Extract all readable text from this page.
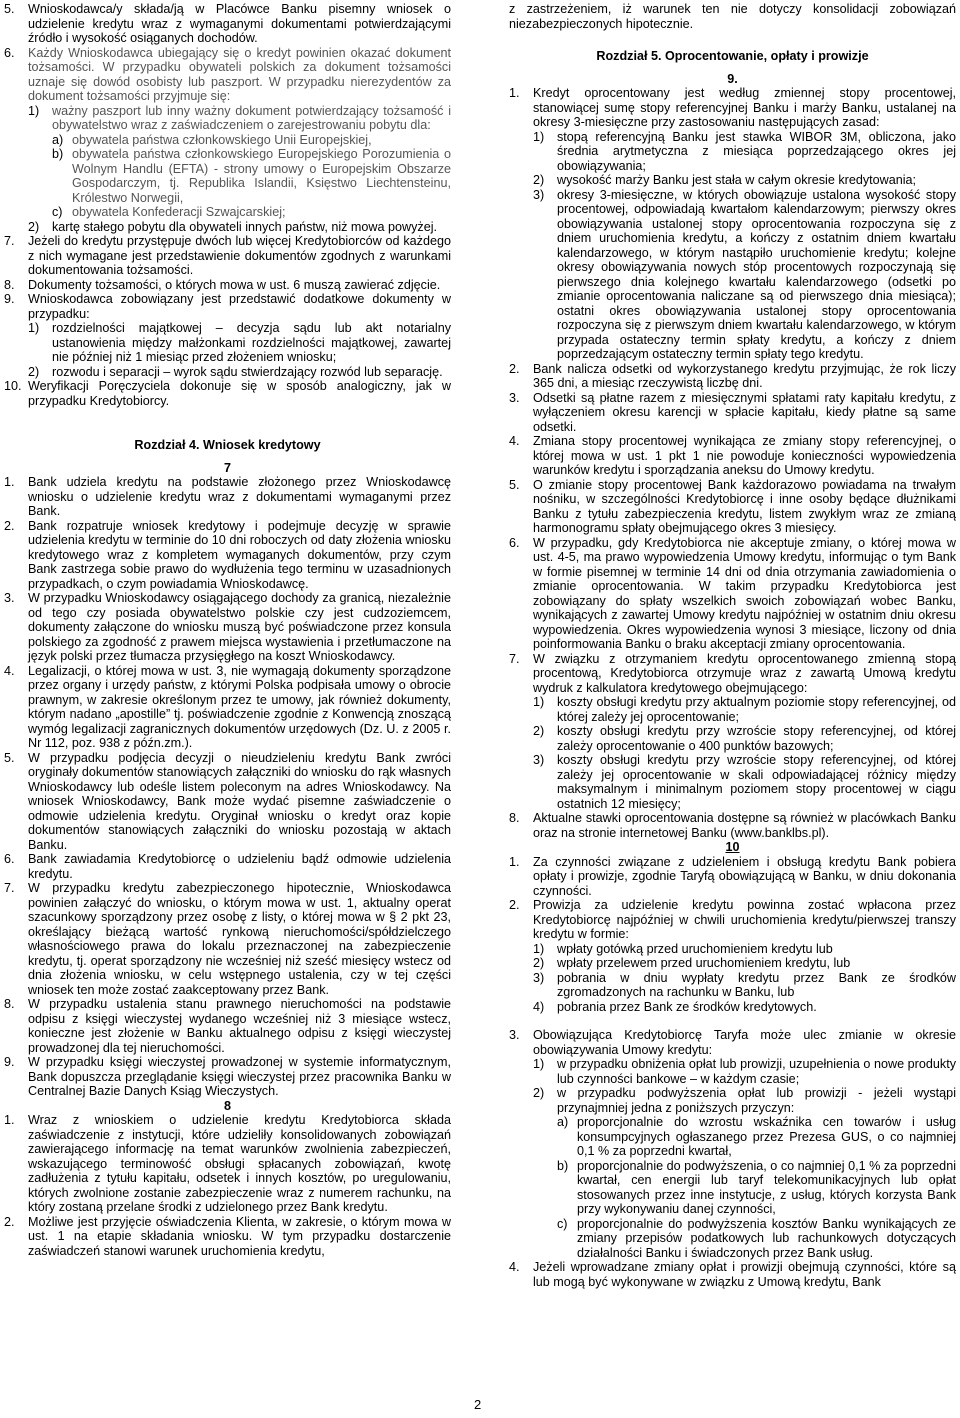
5. Wnioskodawca/y składa/ją w Placówce Banku pisemny wniosek o udzielenie kredytu wraz z wymaganymi dokumentami potwierdzającymi źródło i wysokość osiąganych dochodów.
6. Każdy Wnioskodawca ubiegający się o kredyt powinien okazać dokument tożsamości. W przypadku obywateli polskich za dokument tożsamości uznaje się dowód osobisty lub paszport. W przypadku nierezydentów za dokument tożsamości przyjmuje się:
1) ważny paszport lub inny ważny dokument potwierdzający tożsamość i obywatelstwo wraz z zaświadczeniem o zarejestrowaniu pobytu dla:
a) obywatela państwa członkowskiego Unii Europejskiej,
b) obywatela państwa członkowskiego Europejskiego Porozumienia o Wolnym Handlu (EFTA) - strony umowy o Europejskim Obszarze Gospodarczym, tj. Republika Islandii, Księstwo Liechtensteinu, Królestwo Norwegii,
c) obywatela Konfederacji Szwajcarskiej;
2) kartę stałego pobytu dla obywateli innych państw, niż mowa powyżej.
7. Jeżeli do kredytu przystępuje dwóch lub więcej Kredytobiorców od każdego z nich wymagane jest przedstawienie dokumentów zgodnych z warunkami dokumentowania tożsamości.
8. Dokumenty tożsamości, o których mowa w ust. 6 muszą zawierać zdjęcie.
9. Wnioskodawca zobowiązany jest przedstawić dodatkowe dokumenty w przypadku:
1) rozdzielności majątkowej – decyzja sądu lub akt notarialny ustanowienia między małżonkami rozdzielności majątkowej, zawartej nie później niż 1 miesiąc przed złożeniem wniosku;
2) rozwodu i separacji – wyrok sądu stwierdzający rozwód lub separację.
10. Weryfikacji Poręczyciela dokonuje się w sposób analogiczny, jak w przypadku Kredytobiorcy.
Rozdział 4. Wniosek kredytowy
7
1. Bank udziela kredytu na podstawie złożonego przez Wnioskodawcę wniosku o udzielenie kredytu wraz z dokumentami wymaganymi przez Bank.
2. Bank rozpatruje wniosek kredytowy i podejmuje decyzję w sprawie udzielenia kredytu w terminie do 10 dni roboczych od daty złożenia wniosku kredytowego wraz z kompletem wymaganych dokumentów, przy czym Bank zastrzega sobie prawo do wydłużenia tego terminu w uzasadnionych przypadkach, o czym powiadamia Wnioskodawcę.
3. W przypadku Wnioskodawcy osiągającego dochody za granicą, niezależnie od tego czy posiada obywatelstwo polskie czy jest cudzoziemcem, dokumenty załączone do wniosku muszą być poświadczone przez konsula polskiego za zgodność z prawem miejsca wystawienia i przetłumaczone na język polski przez tłumacza przysięgłego na koszt Wnioskodawcy.
4. Legalizacji, o której mowa w ust. 3, nie wymagają dokumenty sporządzone przez organy i urzędy państw, z którymi Polska podpisała umowy o obrocie prawnym, w zakresie określonym przez te umowy, jak również dokumenty, którym nadano „apostille” tj. poświadczenie zgodnie z Konwencją znoszącą wymóg legalizacji zagranicznych dokumentów urzędowych (Dz. U. z 2005 r. Nr 112, poz. 938 z późn.zm.).
5. W przypadku podjęcia decyzji o nieudzieleniu kredytu Bank zwróci oryginały dokumentów stanowiących załączniki do wniosku do rąk własnych Wnioskodawcy lub odeśle listem poleconym na adres Wnioskodawcy. Na wniosek Wnioskodawcy, Bank może wydać pisemne zaświadczenie o odmowie udzielenia kredytu. Oryginał wniosku o kredyt oraz kopie dokumentów stanowiących załączniki do wniosku pozostają w aktach Banku.
6. Bank zawiadamia Kredytobiorcę o udzieleniu bądź odmowie udzielenia kredytu.
7. W przypadku kredytu zabezpieczonego hipotecznie, Wnioskodawca powinien załączyć do wniosku, o którym mowa w ust. 1, aktualny operat szacunkowy sporządzony przez osobę z listy, o której mowa w § 2 pkt 23, określający bieżącą wartość rynkową nieruchomości/spółdzielczego własnościowego prawa do lokalu przeznaczonej na zabezpieczenie kredytu, tj. operat sporządzony nie wcześniej niż sześć miesięcy wstecz od dnia złożenia wniosku, w celu wstępnego ustalenia, czy w tej części wniosek ten może zostać zaakceptowany przez Bank.
8. W przypadku ustalenia stanu prawnego nieruchomości na podstawie odpisu z księgi wieczystej wydanego wcześniej niż 3 miesiące wstecz, konieczne jest złożenie w Banku aktualnego odpisu z księgi wieczystej prowadzonej dla tej nieruchomości.
9. W przypadku księgi wieczystej prowadzonej w systemie informatycznym, Bank dopuszcza przeglądanie księgi wieczystej przez pracownika Banku w Centralnej Bazie Danych Ksiąg Wieczystych.
8
1. Wraz z wnioskiem o udzielenie kredytu Kredytobiorca składa zaświadczenie z instytucji, które udzieliły konsolidowanych zobowiązań zawierającego informację na temat warunków zwolnienia zabezpieczeń, wskazującego terminowość obsługi spłacanych zobowiązań, kwotę zadłużenia z tytułu kapitału, odsetek i innych kosztów, po uregulowaniu, których zwolnione zostanie zabezpieczenie wraz z numerem rachunku, na który zostaną przelane środki z udzielonego przez Bank kredytu.
2. Możliwe jest przyjęcie oświadczenia Klienta, w zakresie, o którym mowa w ust. 1 na etapie składania wniosku. W tym przypadku dostarczenie zaświadczeń stanowi warunek uruchomienia kredytu,
z zastrzeżeniem, iż warunek ten nie dotyczy konsolidacji zobowiązań niezabezpieczonych hipotecznie.
Rozdział 5. Oprocentowanie, opłaty i prowizje
9.
1. Kredyt oprocentowany jest według zmiennej stopy procentowej, stanowiącej sumę stopy referencyjnej Banku i marży Banku, ustalanej na okresy 3-miesięczne przy zastosowaniu następujących zasad:
1) stopą referencyjną Banku jest stawka WIBOR 3M, obliczona, jako średnia arytmetyczna z miesiąca poprzedzającego okres jej obowiązywania;
2) wysokość marży Banku jest stała w całym okresie kredytowania;
3) okresy 3-miesięczne, w których obowiązuje ustalona wysokość stopy procentowej, odpowiadają kwartałom kalendarzowym; pierwszy okres obowiązywania ustalonej stopy oprocentowania rozpoczyna się z dniem uruchomienia kredytu, a kończy z ostatnim dniem kwartału kalendarzowego, w którym nastąpiło uruchomienie kredytu; kolejne okresy obowiązywania nowych stóp procentowych rozpoczynają się pierwszego dnia kolejnego kwartału kalendarzowego (odsetki po zmianie oprocentowania naliczane są od pierwszego dnia miesiąca); ostatni okres obowiązywania ustalonej stopy oprocentowania rozpoczyna się z pierwszym dniem kwartału kalendarzowego, w którym przypada ostateczny termin spłaty kredytu, a kończy z dniem poprzedzającym ostateczny termin spłaty tego kredytu.
2. Bank nalicza odsetki od wykorzystanego kredytu przyjmując, że rok liczy 365 dni, a miesiąc rzeczywistą liczbę dni.
3. Odsetki są płatne razem z miesięcznymi spłatami raty kapitału kredytu, z wyłączeniem okresu karencji w spłacie kapitału, kiedy płatne są same odsetki.
4. Zmiana stopy procentowej wynikająca ze zmiany stopy referencyjnej, o której mowa w ust. 1 pkt 1 nie powoduje konieczności wypowiedzenia warunków kredytu i sporządzania aneksu do Umowy kredytu.
5. O zmianie stopy procentowej Bank każdorazowo powiadama na trwałym nośniku, w szczególności Kredytobiorcę i inne osoby będące dłużnikami Banku z tytułu zabezpieczenia kredytu, listem zwykłym wraz ze zmianą harmonogramu spłaty obejmującego okres 3 miesięcy.
6. W przypadku, gdy Kredytobiorca nie akceptuje zmiany, o której mowa w ust. 4-5, ma prawo wypowiedzenia Umowy kredytu, informując o tym Bank w formie pisemnej w terminie 14 dni od dnia otrzymania zawiadomienia o zmianie oprocentowania. W takim przypadku Kredytobiorca jest zobowiązany do spłaty wszelkich swoich zobowiązań wobec Banku, wynikających z zawartej Umowy kredytu najpóźniej w ostatnim dniu okresu wypowiedzenia. Okres wypowiedzenia wynosi 3 miesiące, liczony od dnia poinformowania Banku o braku akceptacji zmiany oprocentowania.
7. W związku z otrzymaniem kredytu oprocentowanego zmienną stopą procentową, Kredytobiorca otrzymuje wraz z zawartą Umową kredytu wydruk z kalkulatora kredytowego obejmującego:
1) koszty obsługi kredytu przy aktualnym poziomie stopy referencyjnej, od której zależy jej oprocentowanie;
2) koszty obsługi kredytu przy wzroście stopy referencyjnej, od której zależy oprocentowanie o 400 punktów bazowych;
3) koszty obsługi kredytu przy wzroście stopy referencyjnej, od której zależy jej oprocentowanie w skali odpowiadającej różnicy między maksymalnym i minimalnym poziomem stopy procentowej w ciągu ostatnich 12 miesięcy;
8. Aktualne stawki oprocentowania dostępne są również w placówkach Banku oraz na stronie internetowej Banku (www.banklbs.pl).
10
1. Za czynności związane z udzieleniem i obsługą kredytu Bank pobiera opłaty i prowizje, zgodnie Taryfą obowiązującą w Banku, w dniu dokonania czynności.
2. Prowizja za udzielenie kredytu powinna zostać wpłacona przez Kredytobiorcę najpóźniej w chwili uruchomienia kredytu/pierwszej transzy kredytu w formie:
1) wpłaty gotówką przed uruchomieniem kredytu lub
2) wpłaty przelewem przed uruchomieniem kredytu, lub
3) pobrania w dniu wypłaty kredytu przez Bank ze środków zgromadzonych na rachunku w Banku, lub
4) pobrania przez Bank ze środków kredytowych.
3. Obowiązująca Kredytobiorcę Taryfa może ulec zmianie w okresie obowiązywania Umowy kredytu:
1) w przypadku obniżenia opłat lub prowizji, uzupełnienia o nowe produkty lub czynności bankowe – w każdym czasie;
2) w przypadku podwyższenia opłat lub prowizji - jeżeli wystąpi przynajmniej jedna z poniższych przyczyn:
a) proporcjonalnie do wzrostu wskaźnika cen towarów i usług konsumpcyjnych ogłaszanego przez Prezesa GUS, o co najmniej 0,1 % za poprzedni kwartał,
b) proporcjonalnie do podwyższenia, o co najmniej 0,1 % za poprzedni kwartał, cen energii lub taryf telekomunikacyjnych lub opłat stosowanych przez inne instytucje, z usług, których korzysta Bank przy wykonywaniu danej czynności,
c) proporcjonalnie do podwyższenia kosztów Banku wynikających ze zmiany przepisów podatkowych lub rachunkowych dotyczących działalności Banku i świadczonych przez Bank usług.
4. Jeżeli wprowadzane zmiany opłat i prowizji obejmują czynności, które są lub mogą być wykonywane w związku z Umową kredytu, Bank
2
